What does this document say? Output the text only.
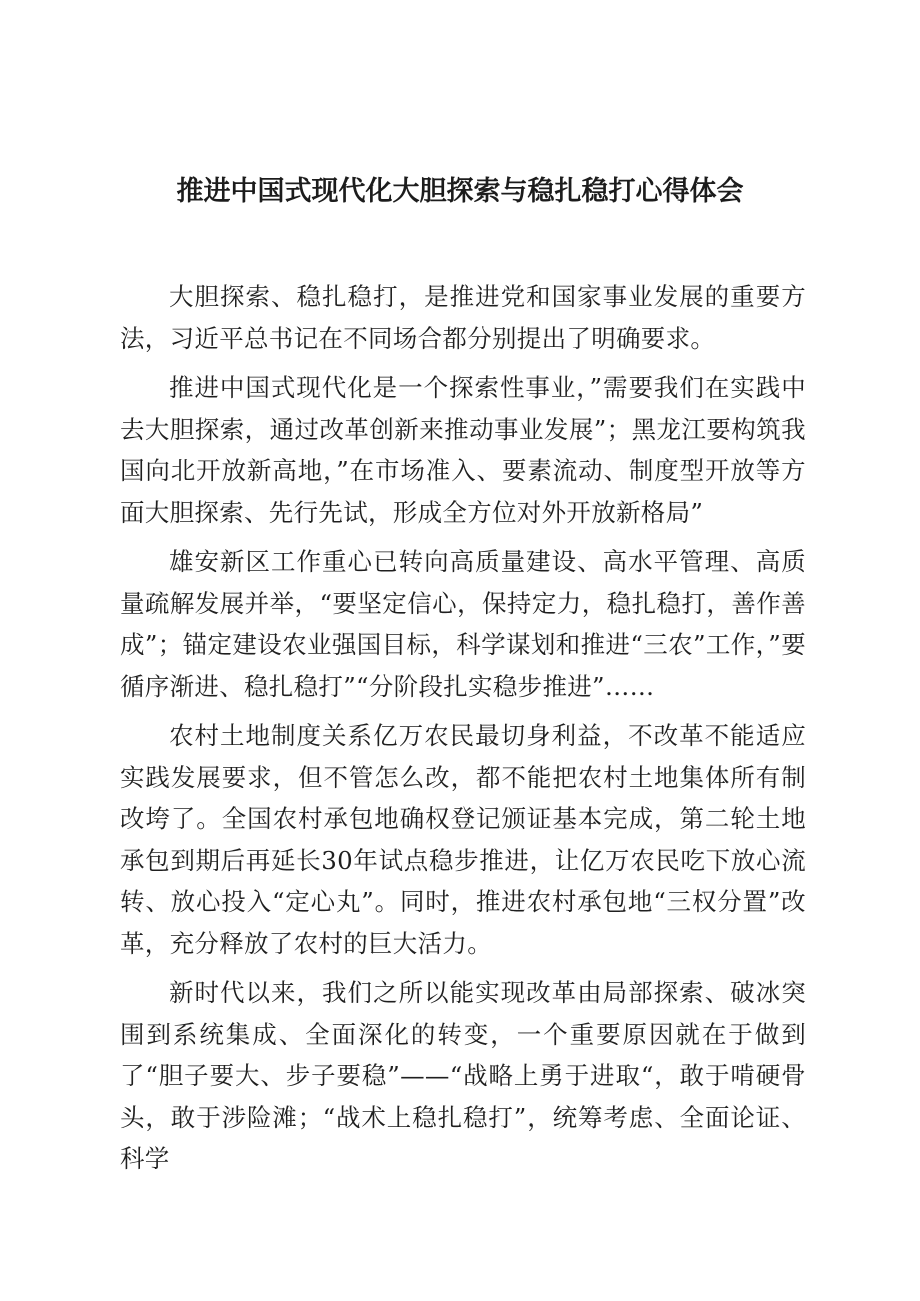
推进中国式现代化大胆探索与稳扎稳打心得体会

大胆探索、稳扎稳打，是推进党和国家事业发展的重要方法，习近平总书记在不同场合都分别提出了明确要求。

推进中国式现代化是一个探索性事业，”需要我们在实践中去大胆探索，通过改革创新来推动事业发展”；黑龙江要构筑我国向北开放新高地，”在市场准入、要素流动、制度型开放等方面大胆探索、先行先试，形成全方位对外开放新格局”

雄安新区工作重心已转向高质量建设、高水平管理、高质量疏解发展并举，“要坚定信心，保持定力，稳扎稳打，善作善成”；锚定建设农业强国目标，科学谋划和推进“三农”工作，”要循序渐进、稳扎稳打”“分阶段扎实稳步推进”……

农村土地制度关系亿万农民最切身利益，不改革不能适应实践发展要求，但不管怎么改，都不能把农村土地集体所有制改垮了。全国农村承包地确权登记颁证基本完成，第二轮土地承包到期后再延长30年试点稳步推进，让亿万农民吃下放心流转、放心投入“定心丸”。同时，推进农村承包地“三权分置”改革，充分释放了农村的巨大活力。

新时代以来，我们之所以能实现改革由局部探索、破冰突围到系统集成、全面深化的转变，一个重要原因就在于做到了“胆子要大、步子要稳”——“战略上勇于进取“，敢于啃硬骨头，敢于涉险滩；“战术上稳扎稳打”，统筹考虑、全面论证、科学
